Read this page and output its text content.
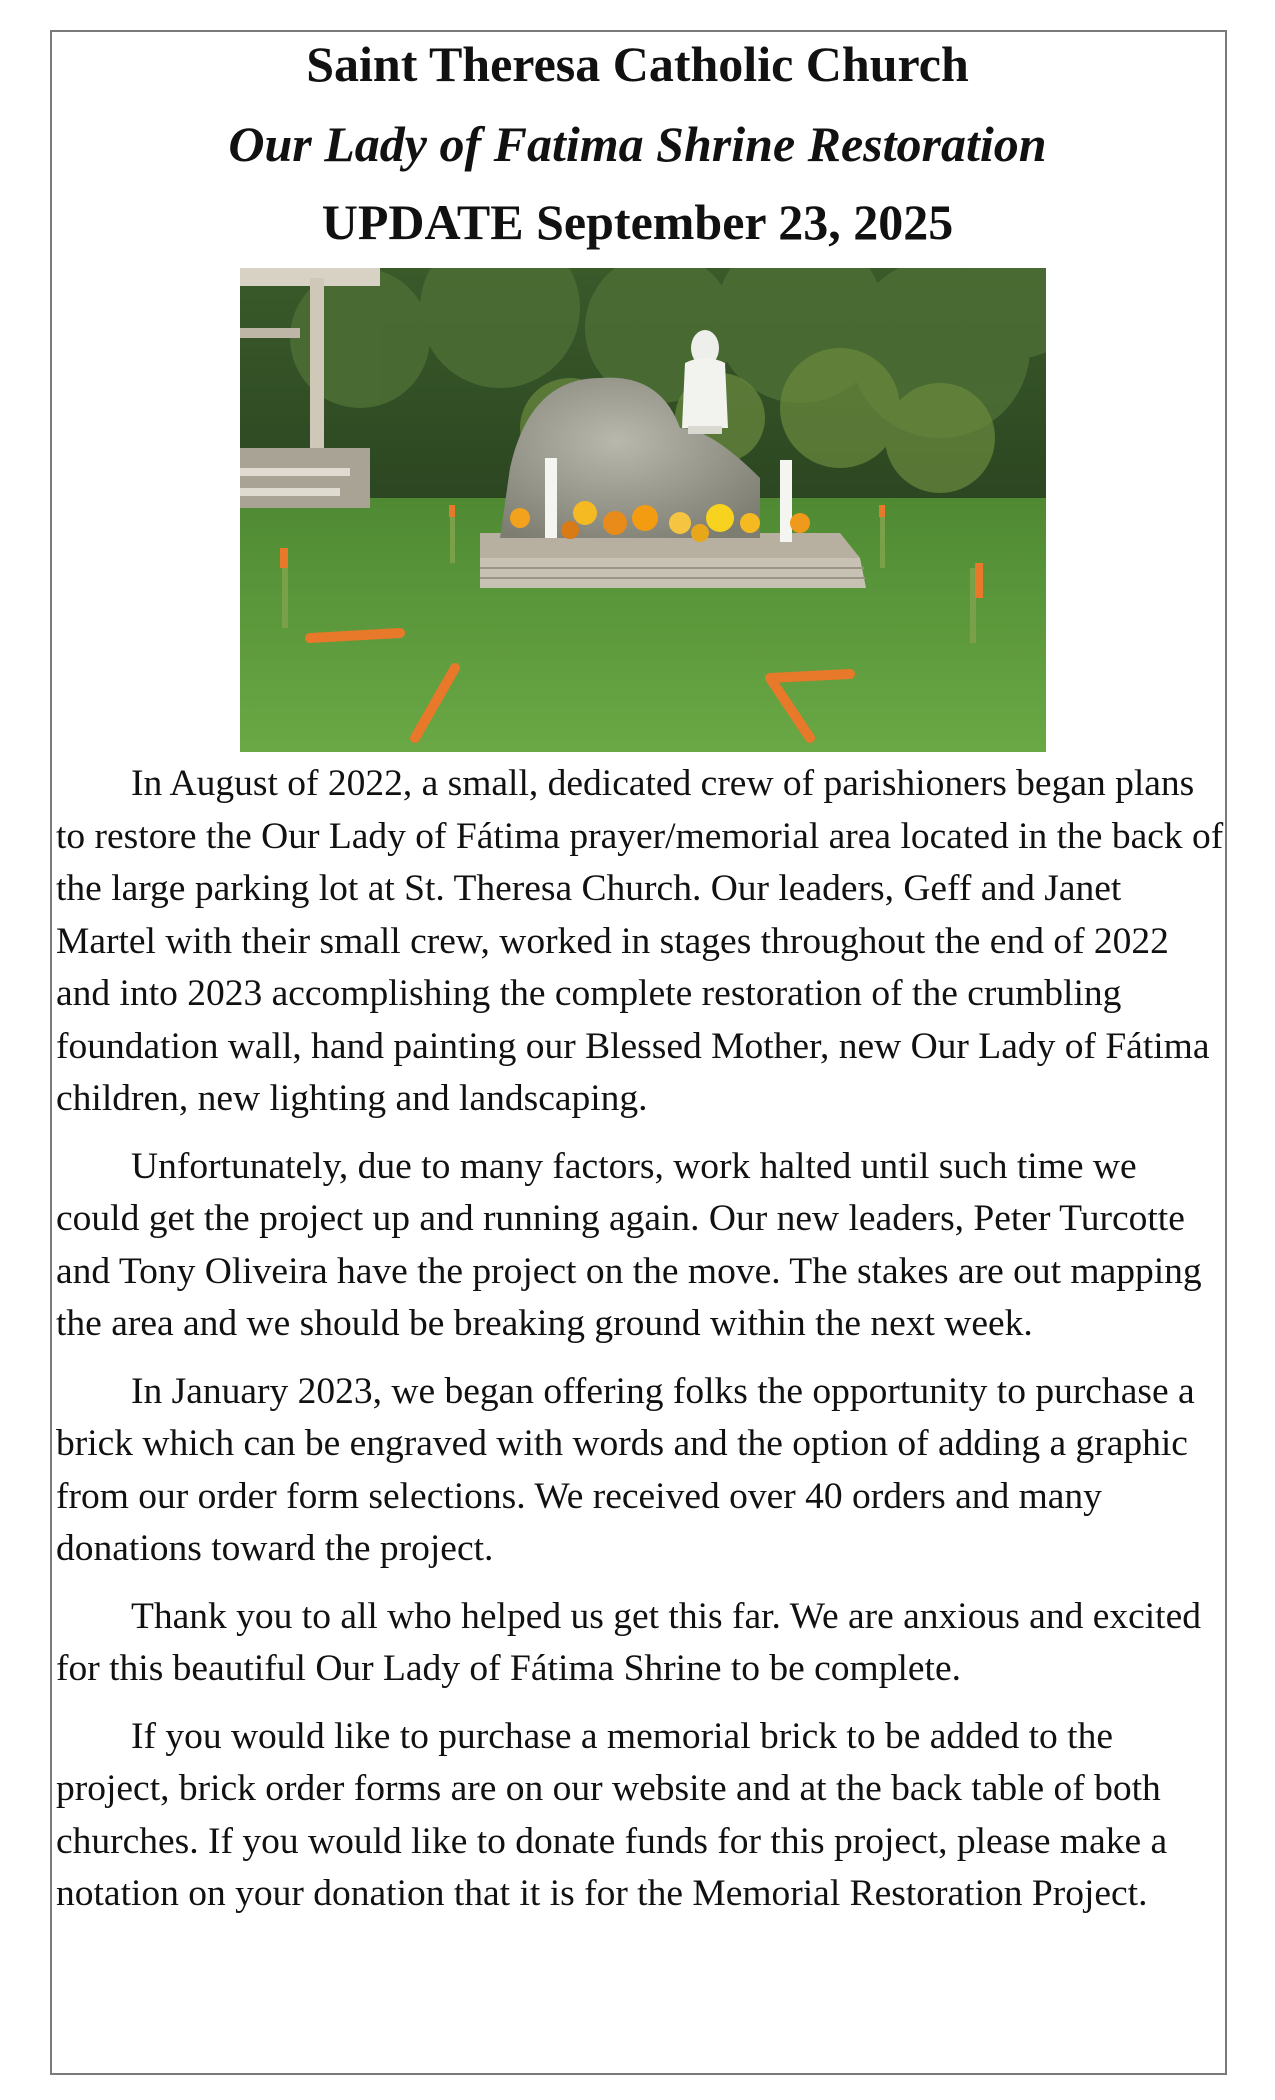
Saint Theresa Catholic Church
Our Lady of Fatima Shrine Restoration
UPDATE September 23, 2025

In August of 2022, a small, dedicated crew of parishioners began plans to restore the Our Lady of Fátima prayer/memorial area located in the back of the large parking lot at St. Theresa Church. Our leaders, Geff and Janet Martel with their small crew, worked in stages throughout the end of 2022 and into 2023 accomplishing the complete restoration of the crumbling foundation wall, hand painting our Blessed Mother, new Our Lady of Fátima children, new lighting and landscaping.

Unfortunately, due to many factors, work halted until such time we could get the project up and running again. Our new leaders, Peter Turcotte and Tony Oliveira have the project on the move. The stakes are out mapping the area and we should be breaking ground within the next week.

In January 2023, we began offering folks the opportunity to purchase a brick which can be engraved with words and the option of adding a graphic from our order form selections. We received over 40 orders and many donations toward the project.

Thank you to all who helped us get this far. We are anxious and excited for this beautiful Our Lady of Fátima Shrine to be complete.

If you would like to purchase a memorial brick to be added to the project, brick order forms are on our website and at the back table of both churches. If you would like to donate funds for this project, please make a notation on your donation that it is for the Memorial Restoration Project.
